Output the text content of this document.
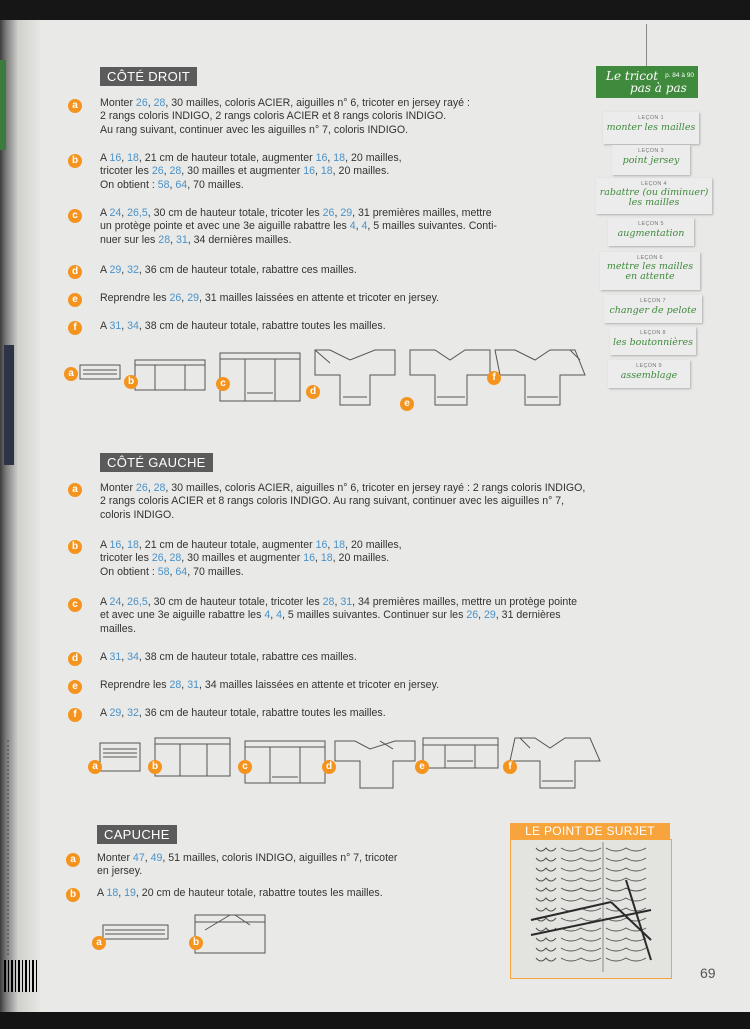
CÔTÉ DROIT
a	Monter 26, 28, 30 mailles, coloris ACIER, aiguilles n° 6, tricoter en jersey rayé :
2 rangs coloris INDIGO, 2 rangs coloris ACIER et 8 rangs coloris INDIGO.
Au rang suivant, continuer avec les aiguilles n° 7, coloris INDIGO.
b	A 16, 18, 21 cm de hauteur totale, augmenter 16, 18, 20 mailles,
tricoter les 26, 28, 30 mailles et augmenter 16, 18, 20 mailles.
On obtient : 58, 64, 70 mailles.
c	A 24, 26,5, 30 cm de hauteur totale, tricoter les 26, 29, 31 premières mailles, mettre
un protège pointe et avec une 3e aiguille rabattre les 4, 4, 5 mailles suivantes. Conti-
nuer sur les 28, 31, 34 dernières mailles.
d	A 29, 32, 36 cm de hauteur totale, rabattre ces mailles.
e	Reprendre les 26, 29, 31 mailles laissées en attente et tricoter en jersey.
f	A 31, 34, 38 cm de hauteur totale, rabattre toutes les mailles.
a
b	c
d
e
f
CÔTÉ GAUCHE
a	Monter 26, 28, 30 mailles, coloris ACIER, aiguilles n° 6, tricoter en jersey rayé : 2 rangs coloris INDIGO,
2 rangs coloris ACIER et 8 rangs coloris INDIGO. Au rang suivant, continuer avec les aiguilles n° 7,
coloris INDIGO.
b	A 16, 18, 21 cm de hauteur totale, augmenter 16, 18, 20 mailles,
tricoter les 26, 28, 30 mailles et augmenter 16, 18, 20 mailles.
On obtient : 58, 64, 70 mailles.
c	A 24, 26,5, 30 cm de hauteur totale, tricoter les 28, 31, 34 premières mailles, mettre un protège pointe
et avec une 3e aiguille rabattre les 4, 4, 5 mailles suivantes. Continuer sur les 26, 29, 31 dernières
mailles.
d	A 31, 34, 38 cm de hauteur totale, rabattre ces mailles.
e	Reprendre les 28, 31, 34 mailles laissées en attente et tricoter en jersey.
f	A 29, 32, 36 cm de hauteur totale, rabattre toutes les mailles.
a	b	c	d	e	f
CAPUCHE
a	Monter 47, 49, 51 mailles, coloris INDIGO, aiguilles n° 7, tricoter
en jersey.
b	A 18, 19, 20 cm de hauteur totale, rabattre toutes les mailles.
a	b
Le tricot
pas à pas
p. 84 à 90
LEÇON 1
monter les mailles
LEÇON 3
point jersey
LEÇON 4
rabattre (ou diminuer) les mailles
LEÇON 5
augmentation
LEÇON 6
mettre les mailles en attente
LEÇON 7
changer de pelote
LEÇON 8
les boutonnières
LEÇON 9
assemblage
LE POINT DE SURJET
69
